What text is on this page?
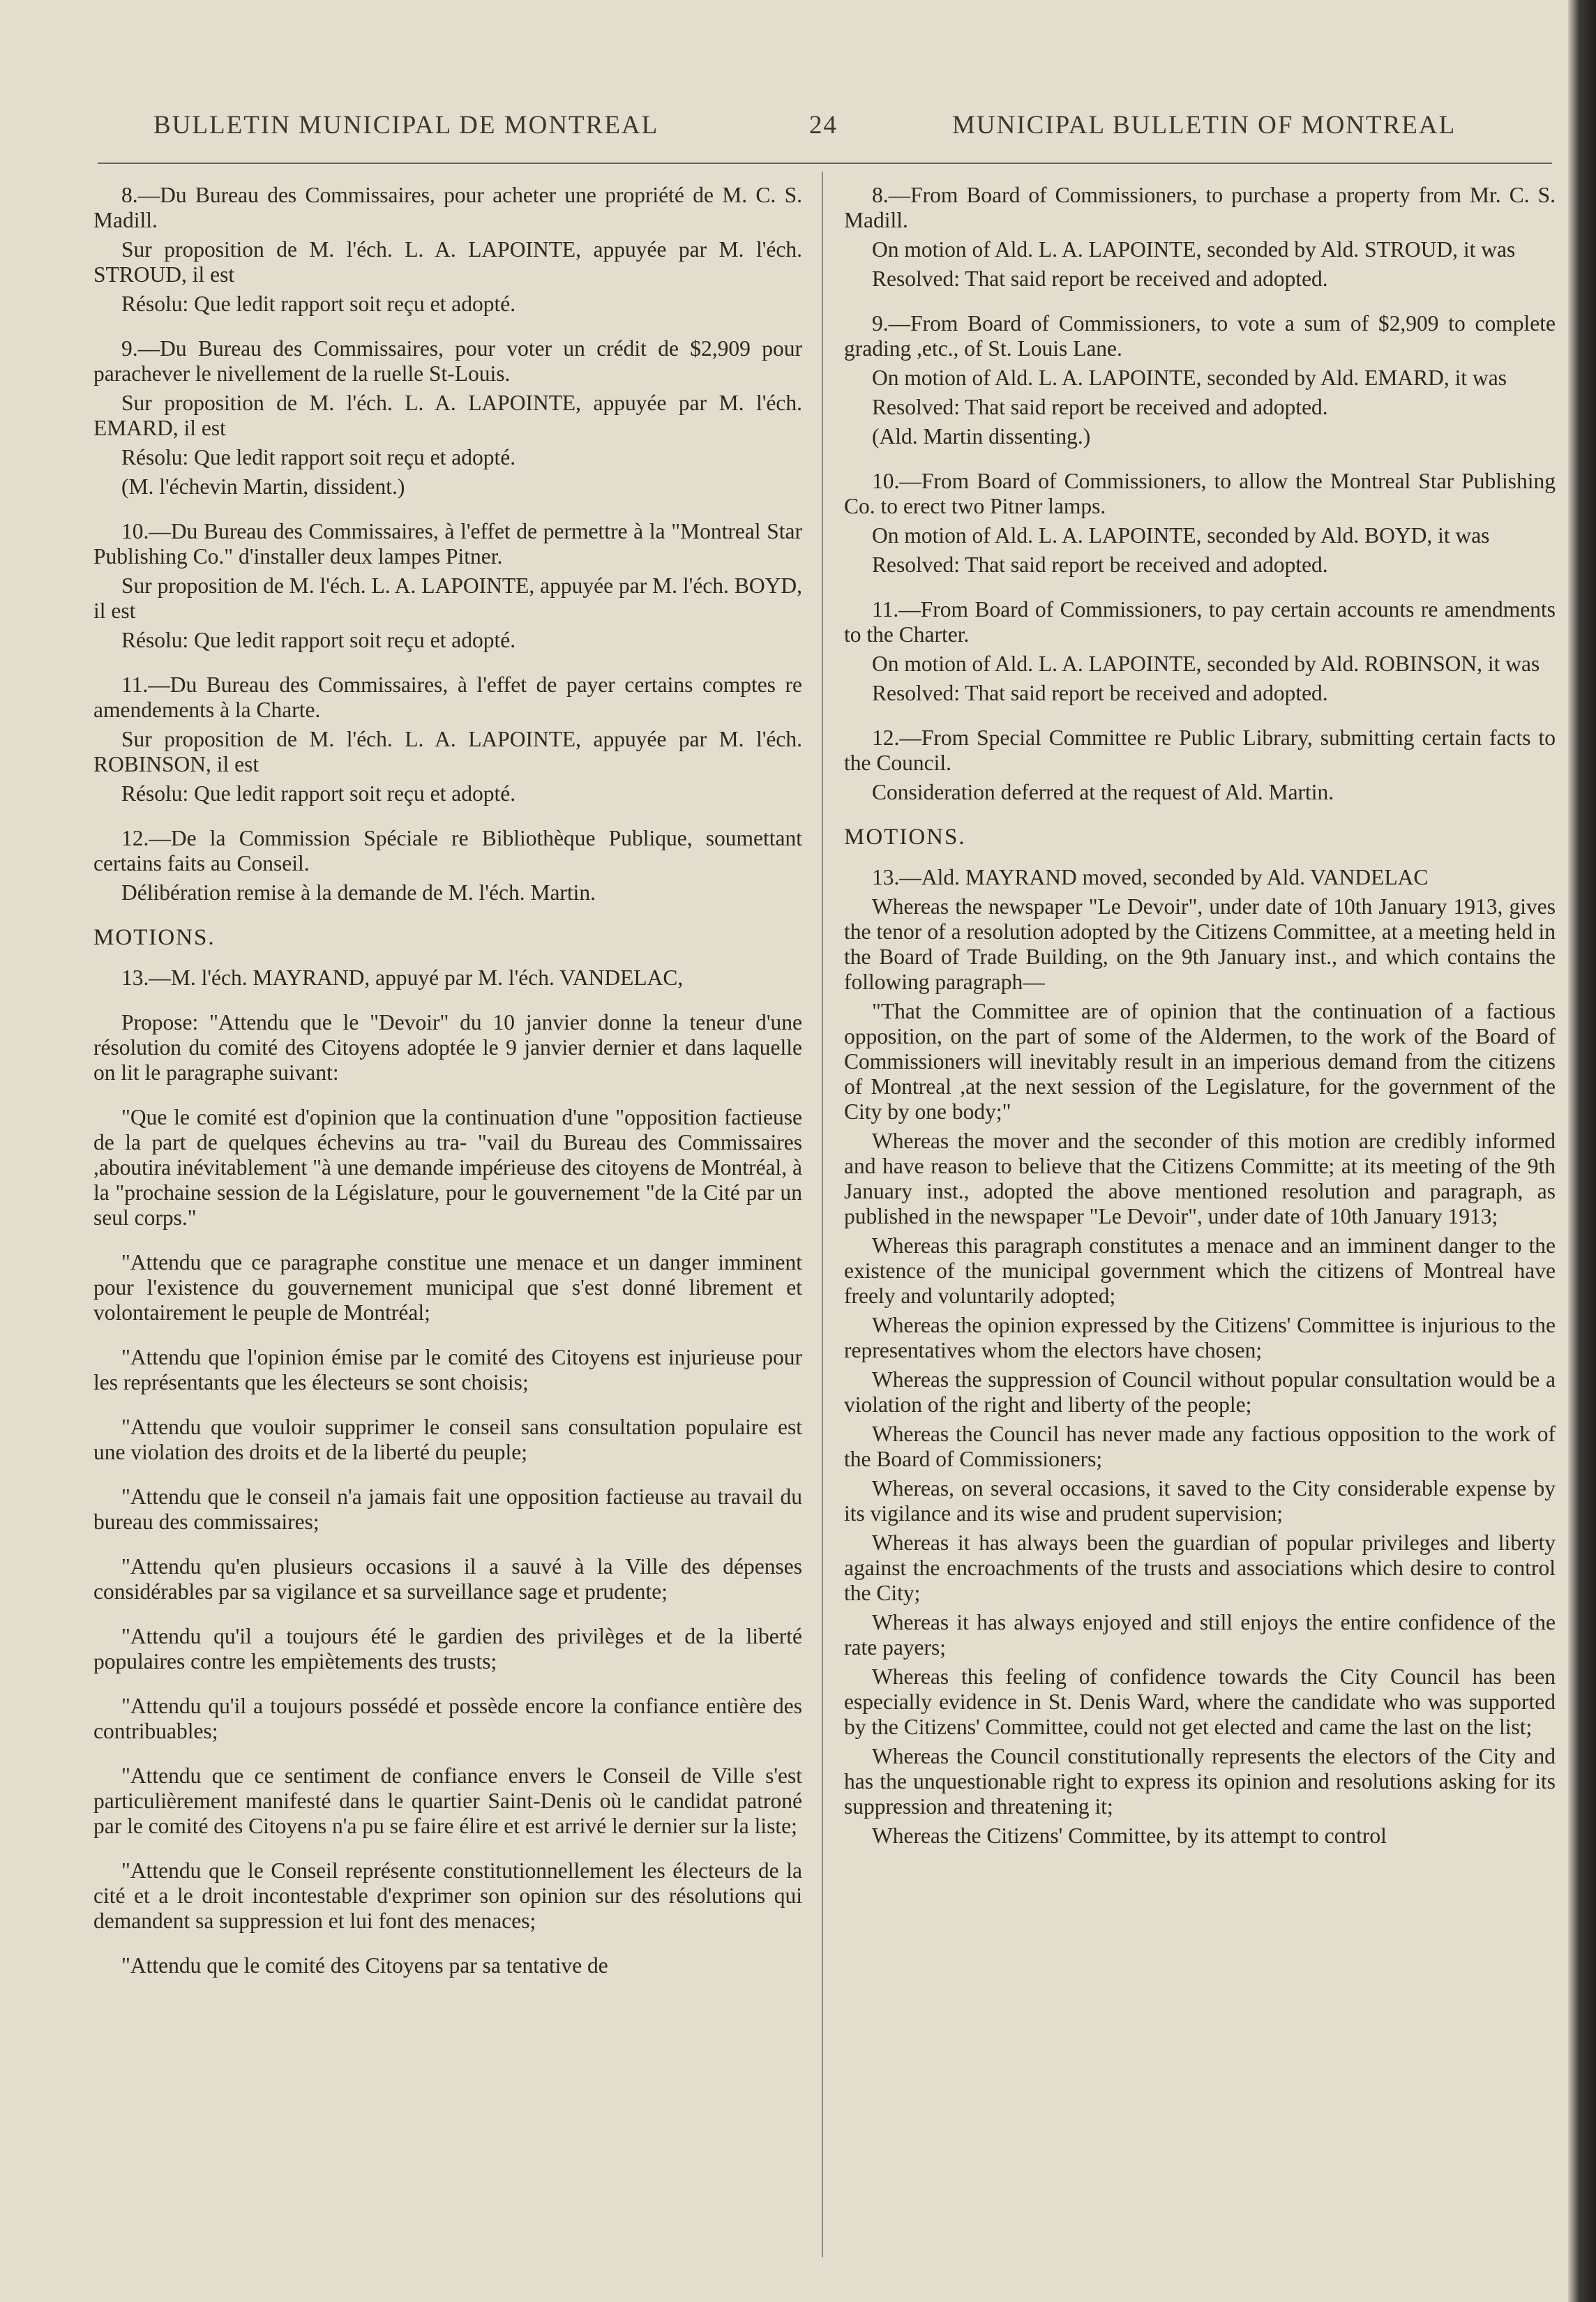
BULLETIN MUNICIPAL DE MONTREAL	24	MUNICIPAL BULLETIN OF MONTREAL

8.—Du Bureau des Commissaires, pour acheter une propriété de M. C. S. Madill.

Sur proposition de M. l'éch. L. A. LAPOINTE, appuyée par M. l'éch. STROUD, il est

Résolu: Que ledit rapport soit reçu et adopté.

9.—Du Bureau des Commissaires, pour voter un crédit de $2,909 pour parachever le nivellement de la ruelle St-Louis.

Sur proposition de M. l'éch. L. A. LAPOINTE, appuyée par M. l'éch. EMARD, il est

Résolu: Que ledit rapport soit reçu et adopté.

(M. l'échevin Martin, dissident.)

10.—Du Bureau des Commissaires, à l'effet de permettre à la "Montreal Star Publishing Co." d'installer deux lampes Pitner.

Sur proposition de M. l'éch. L. A. LAPOINTE, appuyée par M. l'éch. BOYD, il est

Résolu: Que ledit rapport soit reçu et adopté.

11.—Du Bureau des Commissaires, à l'effet de payer certains comptes re amendements à la Charte.

Sur proposition de M. l'éch. L. A. LAPOINTE, appuyée par M. l'éch. ROBINSON, il est

Résolu: Que ledit rapport soit reçu et adopté.

12.—De la Commission Spéciale re Bibliothèque Publique, soumettant certains faits au Conseil.

Délibération remise à la demande de M. l'éch. Martin.

MOTIONS.

13.—M. l'éch. MAYRAND, appuyé par M. l'éch. VANDELAC,

Propose: "Attendu que le "Devoir" du 10 janvier donne la teneur d'une résolution du comité des Citoyens adoptée le 9 janvier dernier et dans laquelle on lit le paragraphe suivant:

"Que le comité est d'opinion que la continuation d'une "opposition factieuse de la part de quelques échevins au tra- "vail du Bureau des Commissaires ,aboutira inévitablement "à une demande impérieuse des citoyens de Montréal, à la "prochaine session de la Législature, pour le gouvernement "de la Cité par un seul corps."

"Attendu que ce paragraphe constitue une menace et un danger imminent pour l'existence du gouvernement municipal que s'est donné librement et volontairement le peuple de Montréal;

"Attendu que l'opinion émise par le comité des Citoyens est injurieuse pour les représentants que les électeurs se sont choisis;

"Attendu que vouloir supprimer le conseil sans consultation populaire est une violation des droits et de la liberté du peuple;

"Attendu que le conseil n'a jamais fait une opposition factieuse au travail du bureau des commissaires;

"Attendu qu'en plusieurs occasions il a sauvé à la Ville des dépenses considérables par sa vigilance et sa surveillance sage et prudente;

"Attendu qu'il a toujours été le gardien des privilèges et de la liberté populaires contre les empiètements des trusts;

"Attendu qu'il a toujours possédé et possède encore la confiance entière des contribuables;

"Attendu que ce sentiment de confiance envers le Conseil de Ville s'est particulièrement manifesté dans le quartier Saint-Denis où le candidat patroné par le comité des Citoyens n'a pu se faire élire et est arrivé le dernier sur la liste;

"Attendu que le Conseil représente constitutionnellement les électeurs de la cité et a le droit incontestable d'exprimer son opinion sur des résolutions qui demandent sa suppression et lui font des menaces;

"Attendu que le comité des Citoyens par sa tentative de

8.—From Board of Commissioners, to purchase a property from Mr. C. S. Madill.

On motion of Ald. L. A. LAPOINTE, seconded by Ald. STROUD, it was

Resolved: That said report be received and adopted.

9.—From Board of Commissioners, to vote a sum of $2,909 to complete grading ,etc., of St. Louis Lane.

On motion of Ald. L. A. LAPOINTE, seconded by Ald. EMARD, it was

Resolved: That said report be received and adopted.

(Ald. Martin dissenting.)

10.—From Board of Commissioners, to allow the Montreal Star Publishing Co. to erect two Pitner lamps.

On motion of Ald. L. A. LAPOINTE, seconded by Ald. BOYD, it was

Resolved: That said report be received and adopted.

11.—From Board of Commissioners, to pay certain accounts re amendments to the Charter.

On motion of Ald. L. A. LAPOINTE, seconded by Ald. ROBINSON, it was

Resolved: That said report be received and adopted.

12.—From Special Committee re Public Library, submitting certain facts to the Council.

Consideration deferred at the request of Ald. Martin.

MOTIONS.

13.—Ald. MAYRAND moved, seconded by Ald. VANDELAC

Whereas the newspaper "Le Devoir", under date of 10th January 1913, gives the tenor of a resolution adopted by the Citizens Committee, at a meeting held in the Board of Trade Building, on the 9th January inst., and which contains the following paragraph—

"That the Committee are of opinion that the continuation of a factious opposition, on the part of some of the Aldermen, to the work of the Board of Commissioners will inevitably result in an imperious demand from the citizens of Montreal ,at the next session of the Legislature, for the government of the City by one body;"

Whereas the mover and the seconder of this motion are credibly informed and have reason to believe that the Citizens Committe; at its meeting of the 9th January inst., adopted the above mentioned resolution and paragraph, as published in the newspaper "Le Devoir", under date of 10th January 1913;

Whereas this paragraph constitutes a menace and an imminent danger to the existence of the municipal government which the citizens of Montreal have freely and voluntarily adopted;

Whereas the opinion expressed by the Citizens' Committee is injurious to the representatives whom the electors have chosen;

Whereas the suppression of Council without popular consultation would be a violation of the right and liberty of the people;

Whereas the Council has never made any factious opposition to the work of the Board of Commissioners;

Whereas, on several occasions, it saved to the City considerable expense by its vigilance and its wise and prudent supervision;

Whereas it has always been the guardian of popular privileges and liberty against the encroachments of the trusts and associations which desire to control the City;

Whereas it has always enjoyed and still enjoys the entire confidence of the rate payers;

Whereas this feeling of confidence towards the City Council has been especially evidence in St. Denis Ward, where the candidate who was supported by the Citizens' Committee, could not get elected and came the last on the list;

Whereas the Council constitutionally represents the electors of the City and has the unquestionable right to express its opinion and resolutions asking for its suppression and threatening it;

Whereas the Citizens' Committee, by its attempt to control
